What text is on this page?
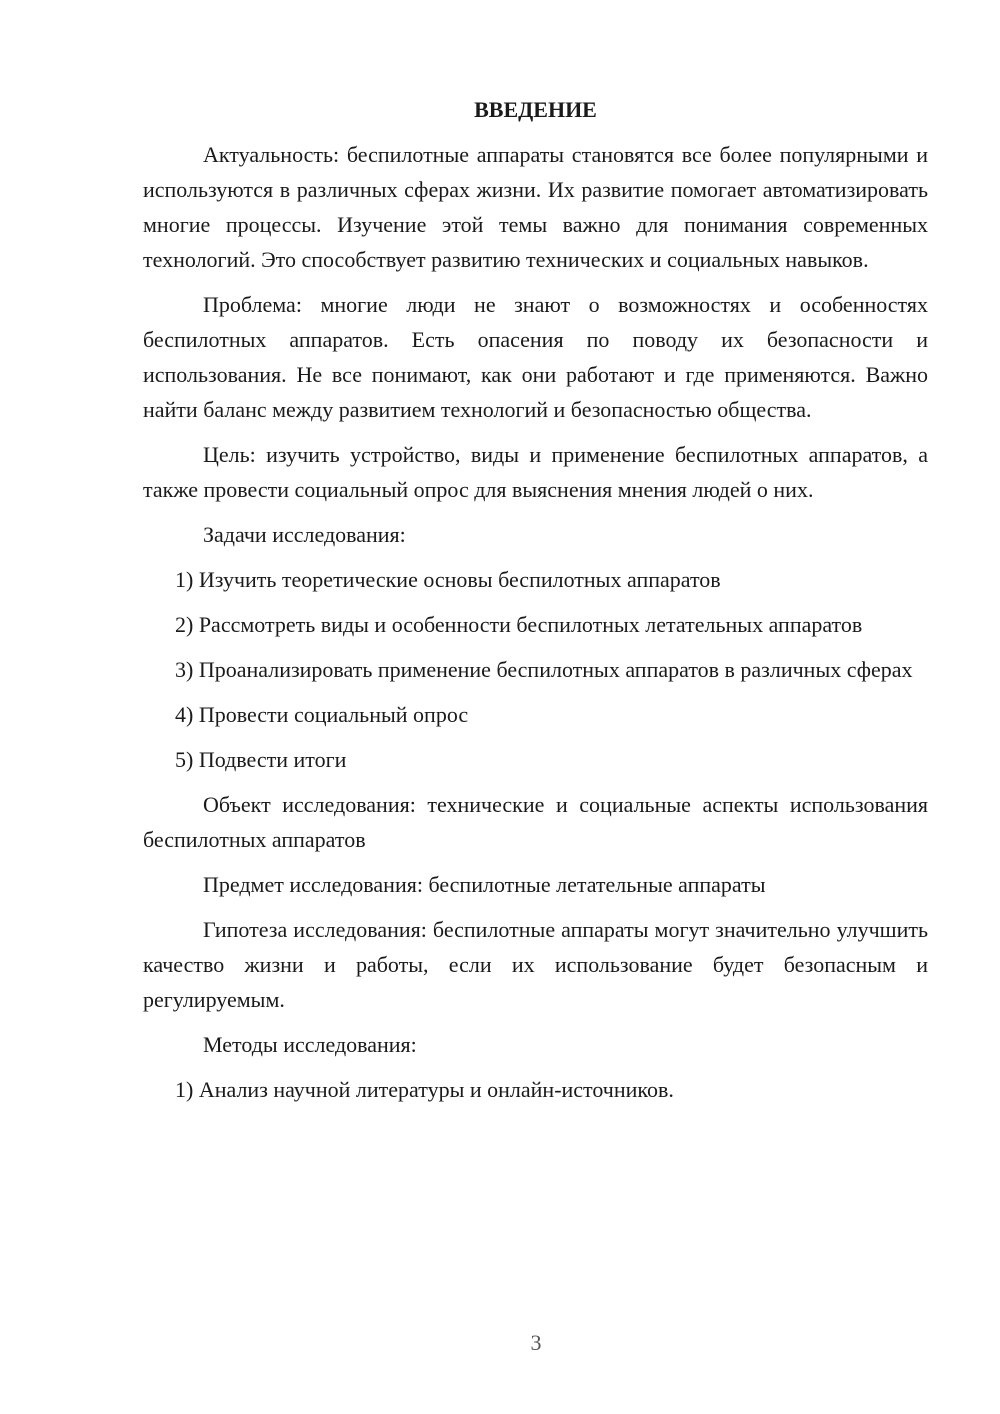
ВВЕДЕНИЕ

Актуальность: беспилотные аппараты становятся все более популярными и используются в различных сферах жизни. Их развитие помогает автоматизировать многие процессы. Изучение этой темы важно для понимания современных технологий. Это способствует развитию технических и социальных навыков.

Проблема: многие люди не знают о возможностях и особенностях беспилотных аппаратов. Есть опасения по поводу их безопасности и использования. Не все понимают, как они работают и где применяются. Важно найти баланс между развитием технологий и безопасностью общества.

Цель: изучить устройство, виды и применение беспилотных аппаратов, а также провести социальный опрос для выяснения мнения людей о них.

Задачи исследования:

1) Изучить теоретические основы беспилотных аппаратов

2) Рассмотреть виды и особенности беспилотных летательных аппаратов

3) Проанализировать применение беспилотных аппаратов в различных сферах

4) Провести социальный опрос

5) Подвести итоги

Объект исследования: технические и социальные аспекты использования беспилотных аппаратов

Предмет исследования: беспилотные летательные аппараты

Гипотеза исследования: беспилотные аппараты могут значительно улучшить качество жизни и работы, если их использование будет безопасным и регулируемым.

Методы исследования:

1) Анализ научной литературы и онлайн-источников.

3
